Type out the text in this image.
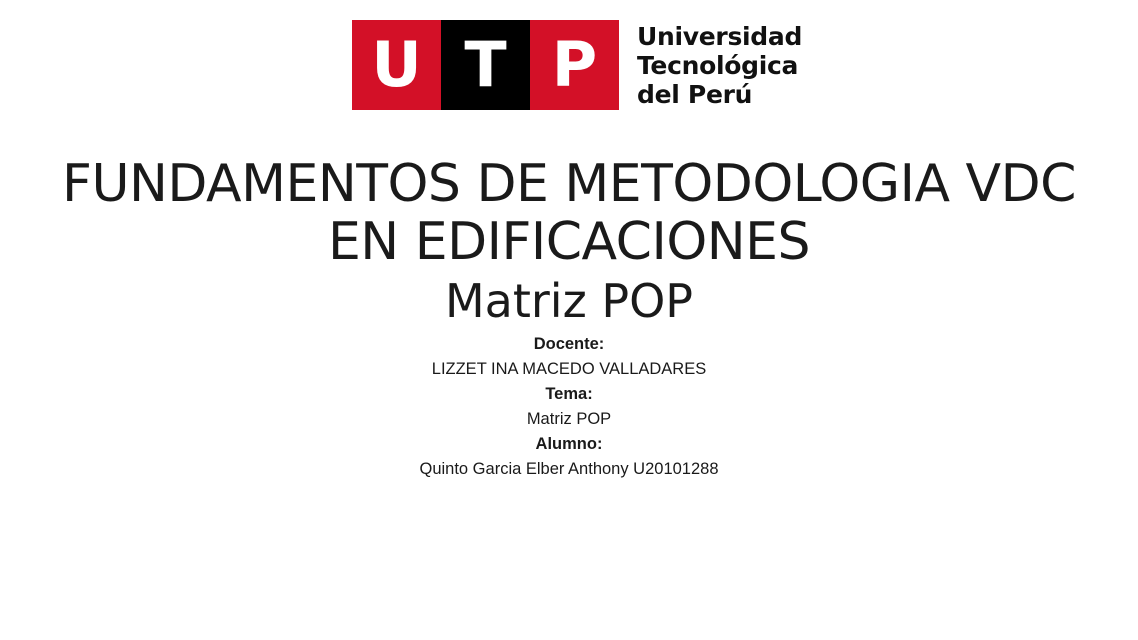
U T P	Universidad
Tecnológica
del Perú
FUNDAMENTOS DE METODOLOGIA VDC
EN EDIFICACIONES
Matriz POP
Docente:
LIZZET INA MACEDO VALLADARES
Tema:
Matriz POP
Alumno:
Quinto Garcia Elber Anthony U20101288
